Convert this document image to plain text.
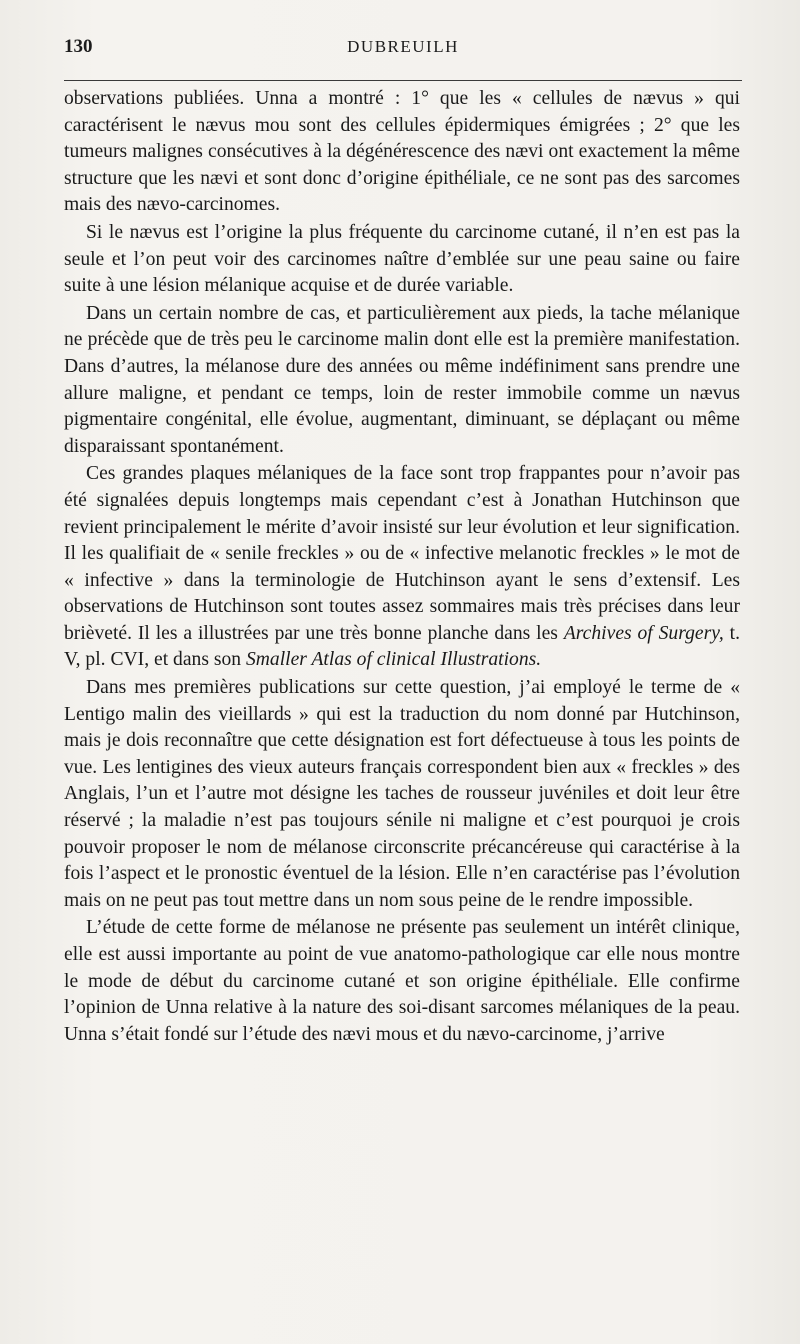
130	DUBREUILH

observations publiées. Unna a montré : 1° que les « cellules de nævus » qui caractérisent le nævus mou sont des cellules épidermiques émigrées ; 2° que les tumeurs malignes consécutives à la dégénérescence des nævi ont exactement la même structure que les nævi et sont donc d’origine épithéliale, ce ne sont pas des sarcomes mais des nævo-carcinomes.

Si le nævus est l’origine la plus fréquente du carcinome cutané, il n’en est pas la seule et l’on peut voir des carcinomes naître d’emblée sur une peau saine ou faire suite à une lésion mélanique acquise et de durée variable.

Dans un certain nombre de cas, et particulièrement aux pieds, la tache mélanique ne précède que de très peu le carcinome malin dont elle est la première manifestation. Dans d’autres, la mélanose dure des années ou même indéfiniment sans prendre une allure maligne, et pendant ce temps, loin de rester immobile comme un nævus pigmentaire congénital, elle évolue, augmentant, diminuant, se déplaçant ou même disparaissant spontanément.

Ces grandes plaques mélaniques de la face sont trop frappantes pour n’avoir pas été signalées depuis longtemps mais cependant c’est à Jonathan Hutchinson que revient principalement le mérite d’avoir insisté sur leur évolution et leur signification. Il les qualifiait de « senile freckles » ou de « infective melanotic freckles » le mot de « infective » dans la terminologie de Hutchinson ayant le sens d’extensif. Les observations de Hutchinson sont toutes assez sommaires mais très précises dans leur brièveté. Il les a illustrées par une très bonne planche dans les Archives of Surgery, t. V, pl. CVI, et dans son Smaller Atlas of clinical Illustrations.

Dans mes premières publications sur cette question, j’ai employé le terme de « Lentigo malin des vieillards » qui est la traduction du nom donné par Hutchinson, mais je dois reconnaître que cette désignation est fort défectueuse à tous les points de vue. Les lentigines des vieux auteurs français correspondent bien aux « freckles » des Anglais, l’un et l’autre mot désigne les taches de rousseur juvéniles et doit leur être réservé ; la maladie n’est pas toujours sénile ni maligne et c’est pourquoi je crois pouvoir proposer le nom de mélanose circonscrite précancéreuse qui caractérise à la fois l’aspect et le pronostic éventuel de la lésion. Elle n’en caractérise pas l’évolution mais on ne peut pas tout mettre dans un nom sous peine de le rendre impossible.

L’étude de cette forme de mélanose ne présente pas seulement un intérêt clinique, elle est aussi importante au point de vue anatomo-pathologique car elle nous montre le mode de début du carcinome cutané et son origine épithéliale. Elle confirme l’opinion de Unna relative à la nature des soi-disant sarcomes mélaniques de la peau. Unna s’était fondé sur l’étude des nævi mous et du nævo-carcinome, j’arrive
